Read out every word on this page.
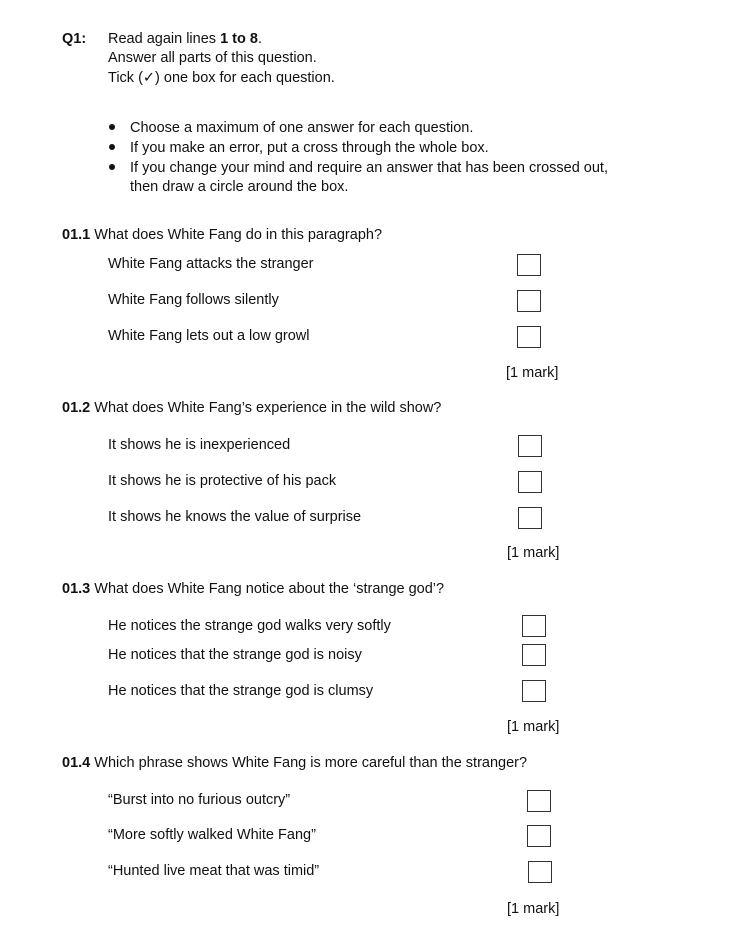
Q1: Read again lines 1 to 8.
Answer all parts of this question.
Tick (✓) one box for each question.
Choose a maximum of one answer for each question.
If you make an error, put a cross through the whole box.
If you change your mind and require an answer that has been crossed out,
then draw a circle around the box.
01.1 What does White Fang do in this paragraph?
White Fang attacks the stranger
White Fang follows silently
White Fang lets out a low growl
[1 mark]
01.2 What does White Fang’s experience in the wild show?
It shows he is inexperienced
It shows he is protective of his pack
It shows he knows the value of surprise
[1 mark]
01.3 What does White Fang notice about the ‘strange god’?
He notices the strange god walks very softly
He notices that the strange god is noisy
He notices that the strange god is clumsy
[1 mark]
01.4 Which phrase shows White Fang is more careful than the stranger?
“Burst into no furious outcry”
“More softly walked White Fang”
“Hunted live meat that was timid”
[1 mark]
